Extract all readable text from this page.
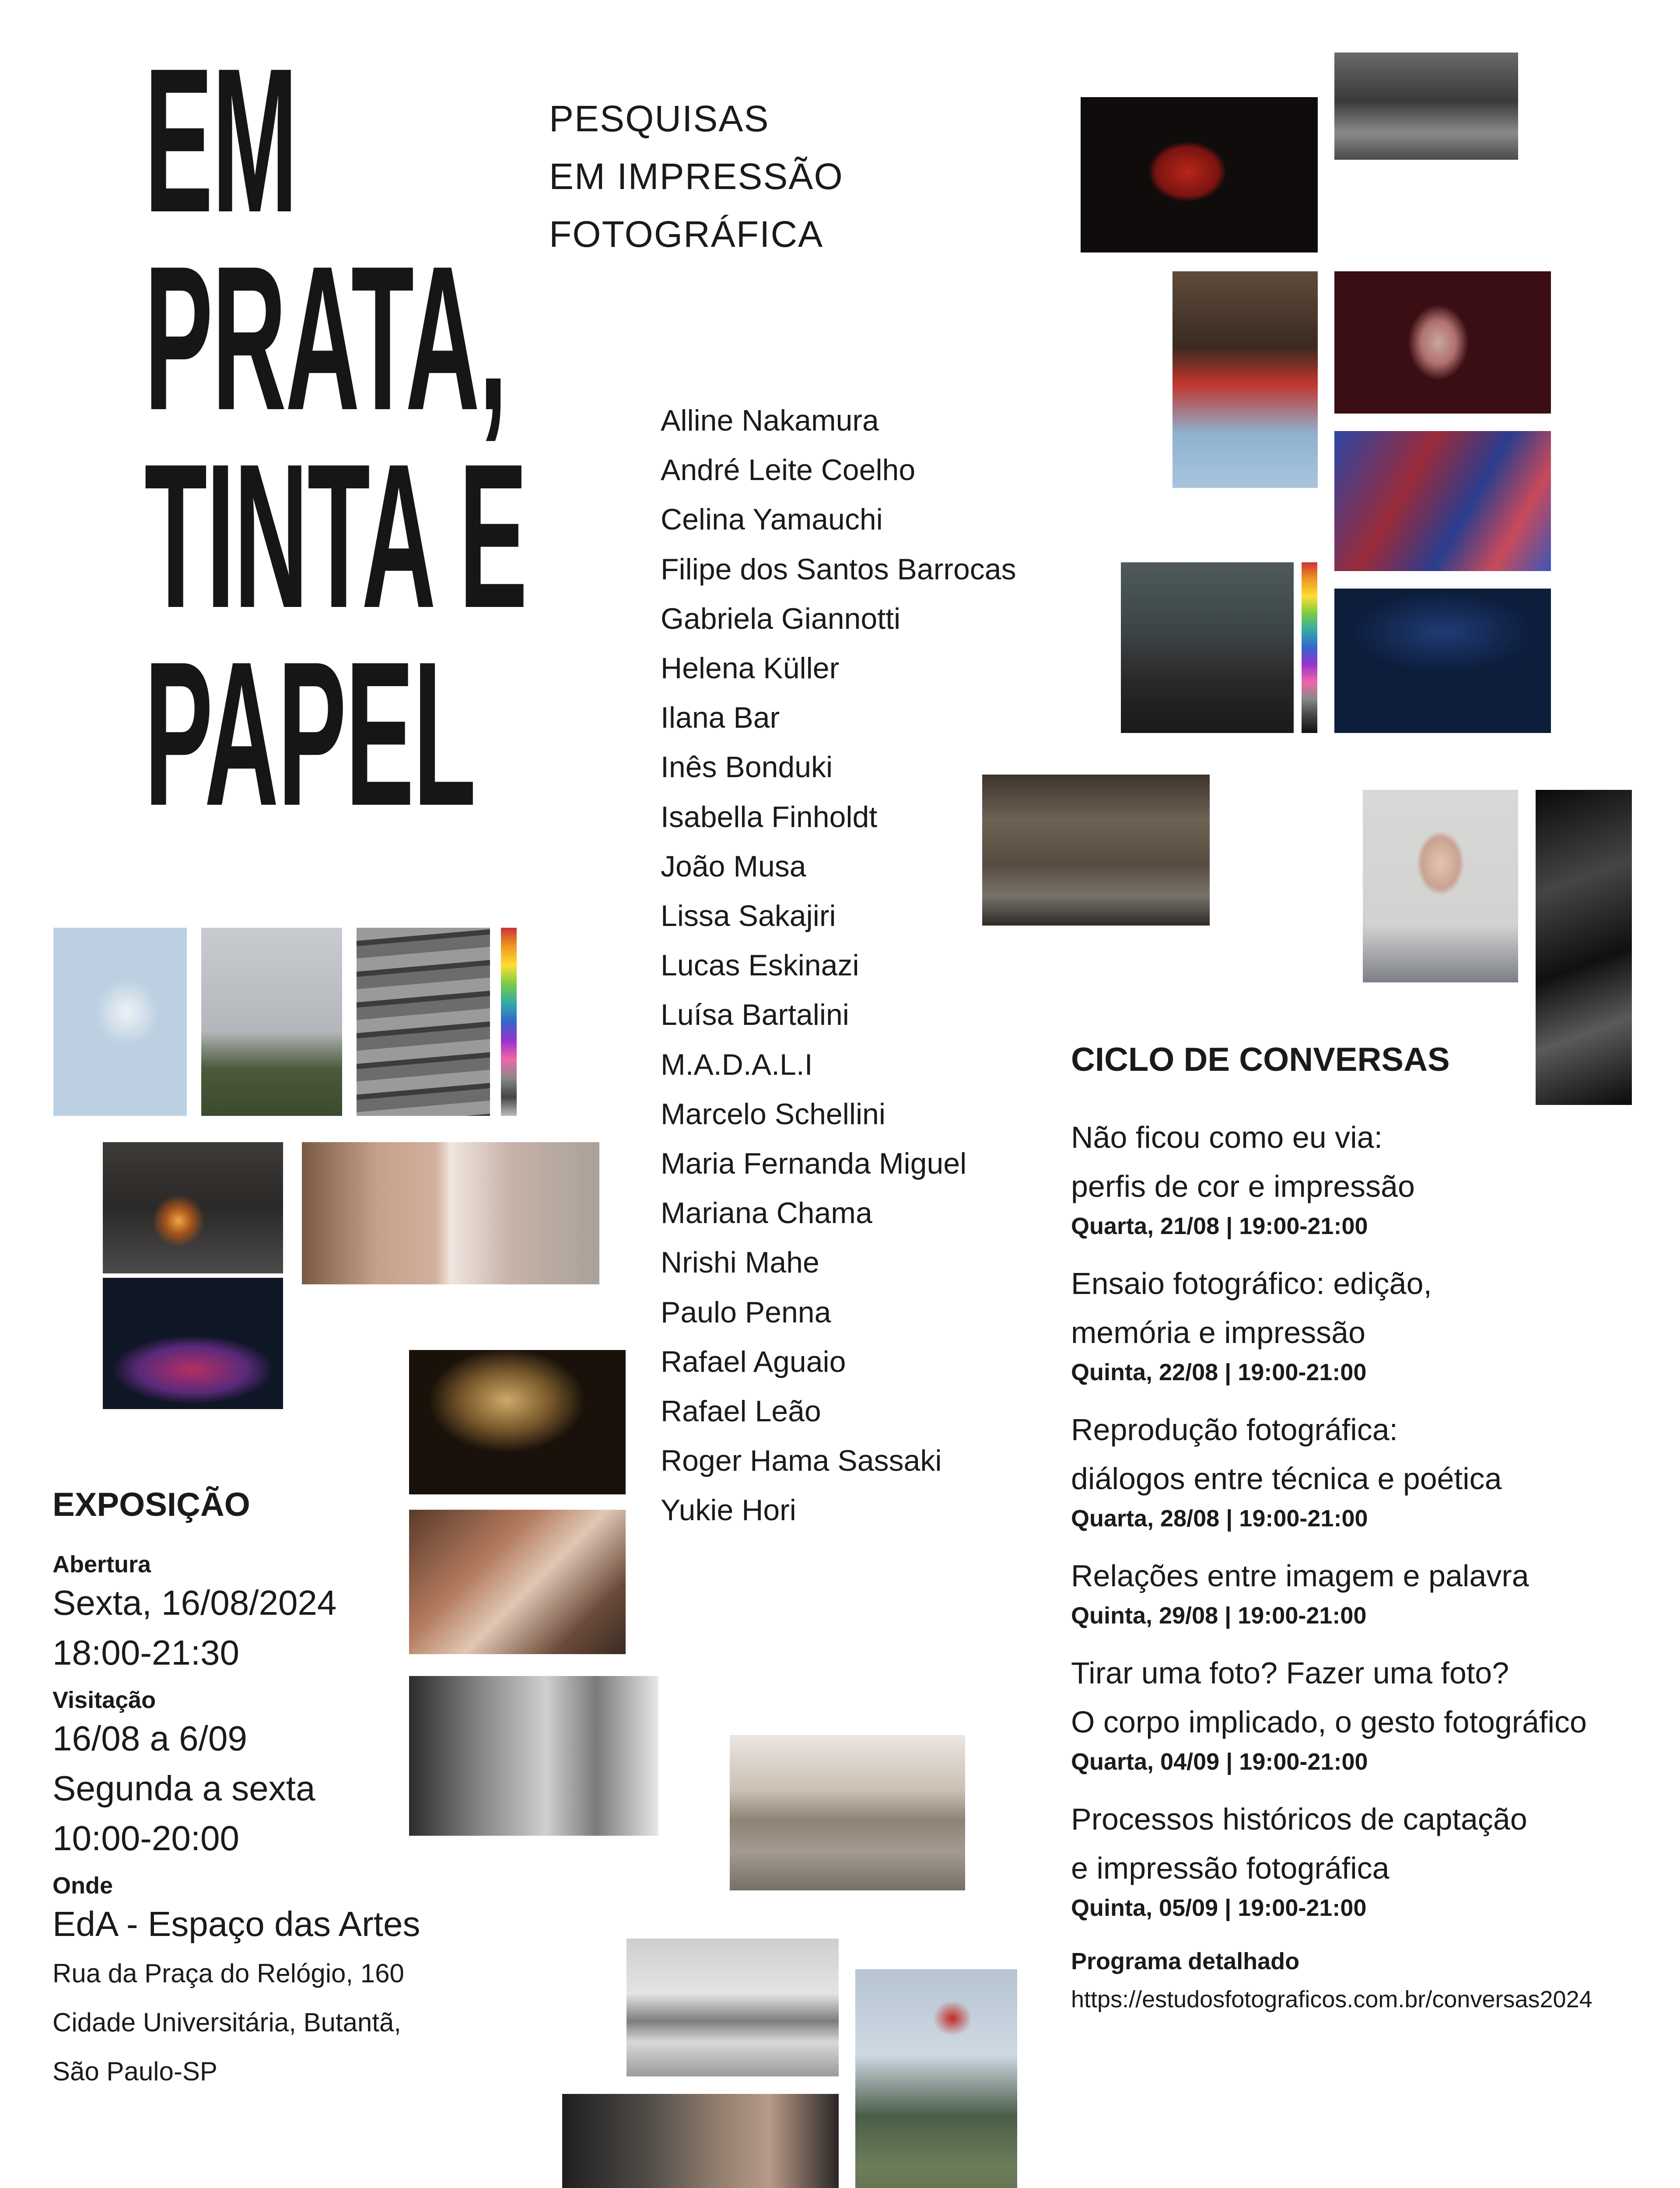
EM
PRATA,
TINTA E
PAPEL
PESQUISAS
EM IMPRESSÃO
FOTOGRÁFICA
Alline Nakamura
André Leite Coelho
Celina Yamauchi
Filipe dos Santos Barrocas
Gabriela Giannotti
Helena Küller
Ilana Bar
Inês Bonduki
Isabella Finholdt
João Musa
Lissa Sakajiri
Lucas Eskinazi
Luísa Bartalini
M.A.D.A.L.I
Marcelo Schellini
Maria Fernanda Miguel
Mariana Chama
Nrishi Mahe
Paulo Penna
Rafael Aguaio
Rafael Leão
Roger Hama Sassaki
Yukie Hori
EXPOSIÇÃO
Abertura
Sexta, 16/08/2024
18:00-21:30
Visitação
16/08 a 6/09
Segunda a sexta
10:00-20:00
Onde
EdA - Espaço das Artes
Rua da Praça do Relógio, 160
Cidade Universitária, Butantã,
São Paulo-SP
CICLO DE CONVERSAS
Não ficou como eu via:
perfis de cor e impressão
Quarta, 21/08 | 19:00-21:00
Ensaio fotográfico: edição,
memória e impressão
Quinta, 22/08 | 19:00-21:00
Reprodução fotográfica:
diálogos entre técnica e poética
Quarta, 28/08 | 19:00-21:00
Relações entre imagem e palavra
Quinta, 29/08 | 19:00-21:00
Tirar uma foto? Fazer uma foto?
O corpo implicado, o gesto fotográfico
Quarta, 04/09 | 19:00-21:00
Processos históricos de captação
e impressão fotográfica
Quinta, 05/09 | 19:00-21:00
Programa detalhado
https://estudosfotograficos.com.br/conversas2024
